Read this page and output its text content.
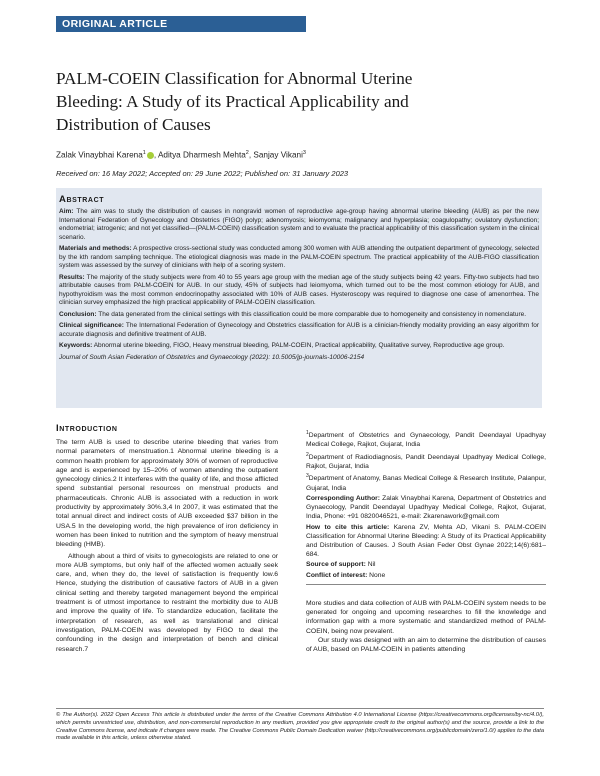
ORIGINAL ARTICLE
PALM-COEIN Classification for Abnormal Uterine Bleeding: A Study of its Practical Applicability and Distribution of Causes
Zalak Vinaybhai Karena$^1$ , Aditya Dharmesh Mehta$^2$, Sanjay Vikani$^3$
Received on: 16 May 2022; Accepted on: 29 June 2022; Published on: 31 January 2023
Abstract

Aim: The aim was to study the distribution of causes in nongravid women of reproductive age-group having abnormal uterine bleeding (AUB) as per the new International Federation of Gynecology and Obstetrics (FIGO) polyp; adenomyosis; leiomyoma; malignancy and hyperplasia; coagulopathy; ovulatory dysfunction; endometrial; iatrogenic; and not yet classified—(PALM-COEIN) classification system and to evaluate the practical applicability of this classification system in the clinical scenario.

Materials and methods: A prospective cross-sectional study was conducted among 300 women with AUB attending the outpatient department of gynecology, selected by the kth random sampling technique. The etiological diagnosis was made in the PALM-COEIN spectrum. The practical applicability of the AUB-FIGO classification system was assessed by the survey of clinicians with help of a scoring system.

Results: The majority of the study subjects were from 40 to 55 years age group with the median age of the study subjects being 42 years. Fifty-two subjects had two attributable causes from PALM-COEIN for AUB. In our study, 45% of subjects had leiomyoma, which turned out to be the most common etiology for AUB, and hypothyroidism was the most common endocrinopathy associated with 10% of AUB cases. Hysteroscopy was required to diagnose one case of amenorrhea. The clinician survey emphasized the high practical applicability of PALM-COEIN classification.

Conclusion: The data generated from the clinical settings with this classification could be more comparable due to homogeneity and consistency in nomenclature.

Clinical significance: The International Federation of Gynecology and Obstetrics classification for AUB is a clinician-friendly modality providing an easy algorithm for accurate diagnosis and definitive treatment of AUB.

Keywords: Abnormal uterine bleeding, FIGO, Heavy menstrual bleeding, PALM-COEIN, Practical applicability, Qualitative survey, Reproductive age group.

Journal of South Asian Federation of Obstetrics and Gynaecology (2022): 10.5005/jp-journals-10006-2154

Introduction

The term AUB is used to describe uterine bleeding that varies from normal parameters of menstruation.1 Abnormal uterine bleeding is a common health problem for approximately 30% of women of reproductive age and is experienced by 15–20% of women attending the outpatient gynecology clinics.2 It interferes with the quality of life, and those afflicted spend substantial personal resources on menstrual products and pharmaceuticals. Chronic AUB is associated with a reduction in work productivity by approximately 30%.3,4 In 2007, it was estimated that the total annual direct and indirect costs of AUB exceeded $37 billion in the USA.5 In the developing world, the high prevalence of iron deficiency in women has been linked to nutrition and the symptom of heavy menstrual bleeding (HMB).

Although about a third of visits to gynecologists are related to one or more AUB symptoms, but only half of the affected women actually seek care, and, when they do, the level of satisfaction is frequently low.6 Hence, studying the distribution of causative factors of AUB in a given clinical setting and thereby targeted management beyond the empirical treatment is of utmost importance to restraint the morbidity due to AUB and improve the quality of life. To standardize education, facilitate the interpretation of research, as well as translational and clinical investigation, PALM-COEIN was developed by FIGO to deal the confounding in the design and interpretation of bench and clinical research.7

$^1$Department of Obstetrics and Gynaecology, Pandit Deendayal Upadhyay Medical College, Rajkot, Gujarat, India

$^2$Department of Radiodiagnosis, Pandit Deendayal Upadhyay Medical College, Rajkot, Gujarat, India

$^3$Department of Anatomy, Banas Medical College & Research Institute, Palanpur, Gujarat, India

Corresponding Author: Zalak Vinaybhai Karena, Department of Obstetrics and Gynaecology, Pandit Deendayal Upadhyay Medical College, Rajkot, Gujarat, India, Phone: +91 0820046521, e-mail: Zkarenawork@gmail.com

How to cite this article: Karena ZV, Mehta AD, Vikani S. PALM-COEIN Classification for Abnormal Uterine Bleeding: A Study of its Practical Applicability and Distribution of Causes. J South Asian Feder Obst Gynae 2022;14(6):681–684.

Source of support: Nil

Conflict of interest: None

More studies and data collection of AUB with PALM-COEIN system needs to be generated for ongoing and upcoming researches to fill the knowledge and information gap with a more systematic and standardized method of PALM-COEIN, being now prevalent.

Our study was designed with an aim to determine the distribution of causes of AUB, based on PALM-COEIN in patients attending

© The Author(s). 2022 Open Access This article is distributed under the terms of the Creative Commons Attribution 4.0 International License (https://creativecommons.org/licenses/by-nc/4.0/), which permits unrestricted use, distribution, and non-commercial reproduction in any medium, provided you give appropriate credit to the original author(s) and the source, provide a link to the Creative Commons license, and indicate if changes were made. The Creative Commons Public Domain Dedication waiver (http://creativecommons.org/publicdomain/zero/1.0/) applies to the data made available in this article, unless otherwise stated.
